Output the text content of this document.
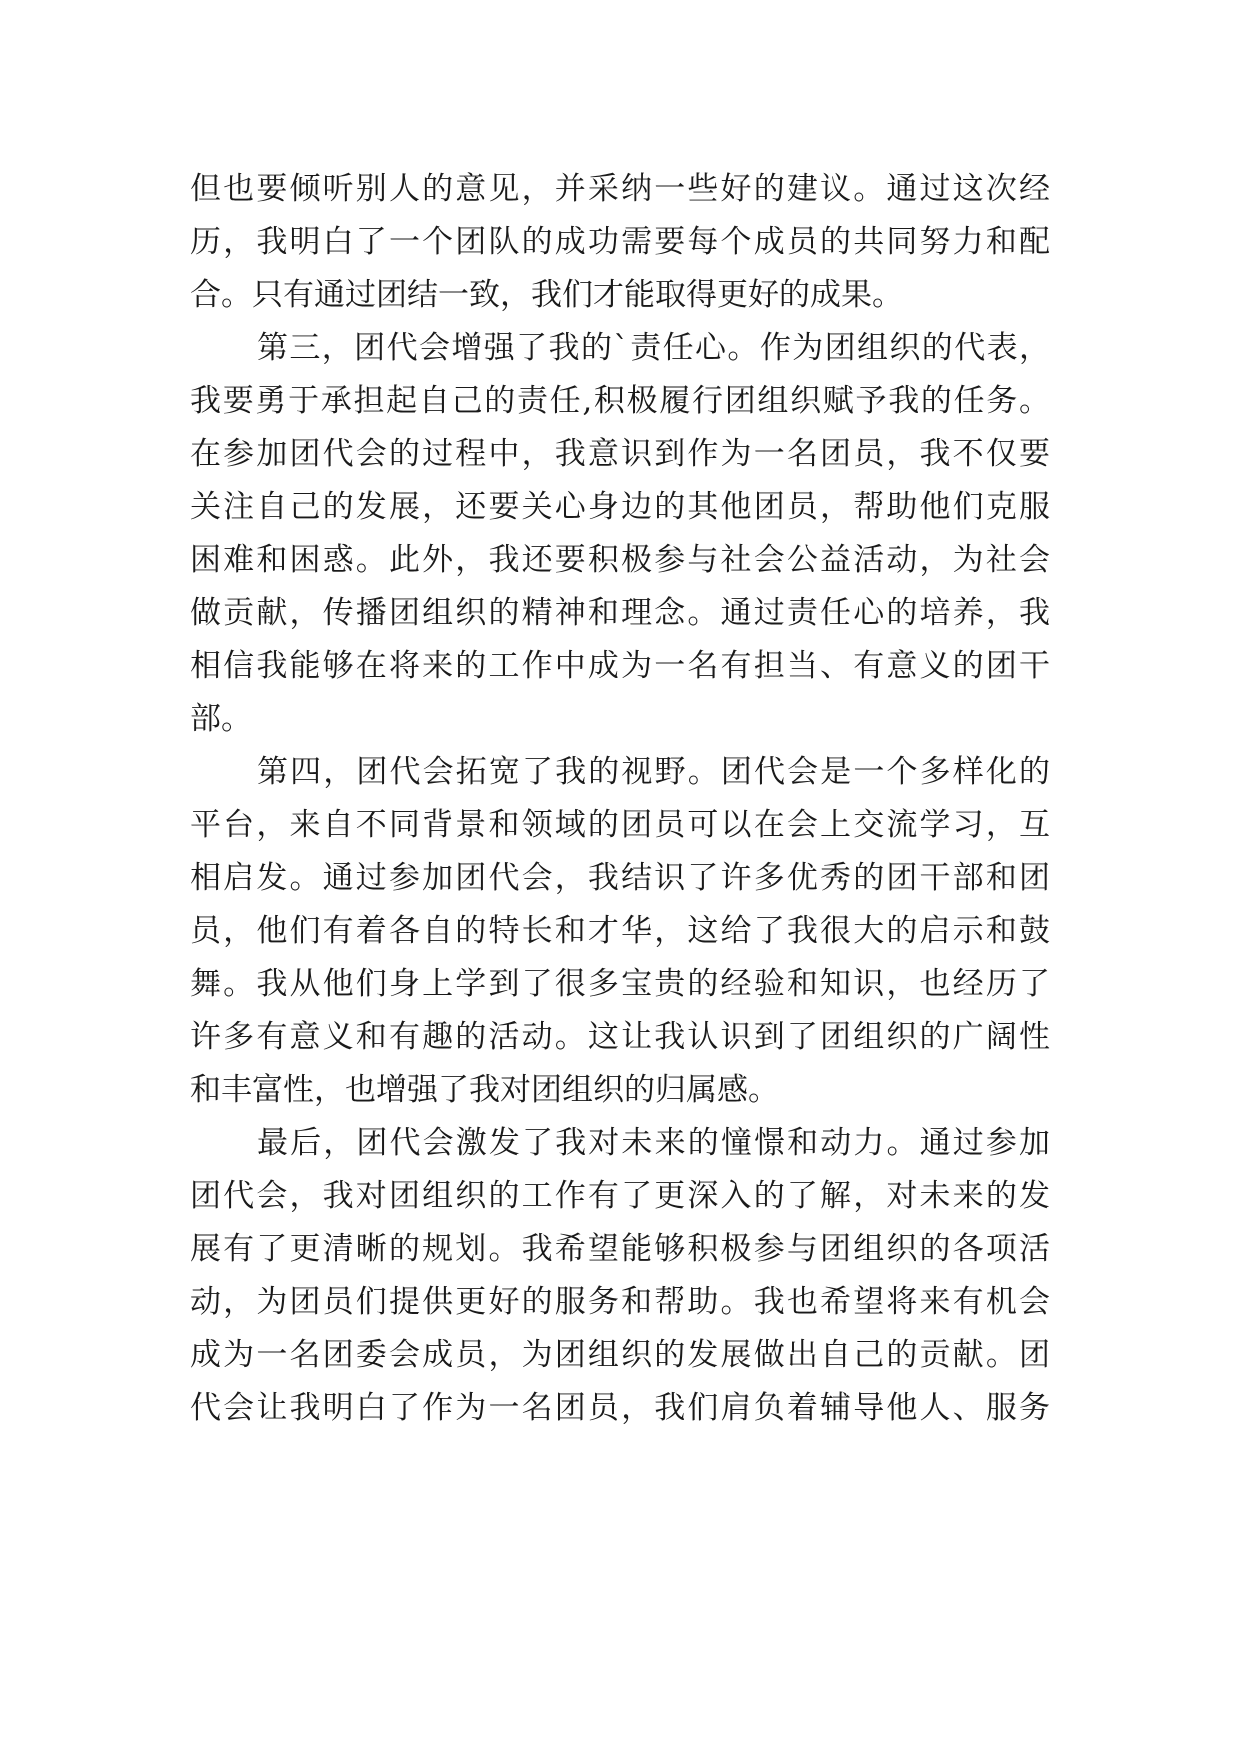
但也要倾听别人的意见，并采纳一些好的建议。通过这次经
历，我明白了一个团队的成功需要每个成员的共同努力和配
合。只有通过团结一致，我们才能取得更好的成果。
第三，团代会增强了我的`责任心。作为团组织的代表，
我要勇于承担起自己的责任,积极履行团组织赋予我的任务。
在参加团代会的过程中，我意识到作为一名团员，我不仅要
关注自己的发展，还要关心身边的其他团员，帮助他们克服
困难和困惑。此外，我还要积极参与社会公益活动，为社会
做贡献，传播团组织的精神和理念。通过责任心的培养，我
相信我能够在将来的工作中成为一名有担当、有意义的团干
部。
第四，团代会拓宽了我的视野。团代会是一个多样化的
平台，来自不同背景和领域的团员可以在会上交流学习，互
相启发。通过参加团代会，我结识了许多优秀的团干部和团
员，他们有着各自的特长和才华，这给了我很大的启示和鼓
舞。我从他们身上学到了很多宝贵的经验和知识，也经历了
许多有意义和有趣的活动。这让我认识到了团组织的广阔性
和丰富性，也增强了我对团组织的归属感。
最后，团代会激发了我对未来的憧憬和动力。通过参加
团代会，我对团组织的工作有了更深入的了解，对未来的发
展有了更清晰的规划。我希望能够积极参与团组织的各项活
动，为团员们提供更好的服务和帮助。我也希望将来有机会
成为一名团委会成员，为团组织的发展做出自己的贡献。团
代会让我明白了作为一名团员，我们肩负着辅导他人、服务
